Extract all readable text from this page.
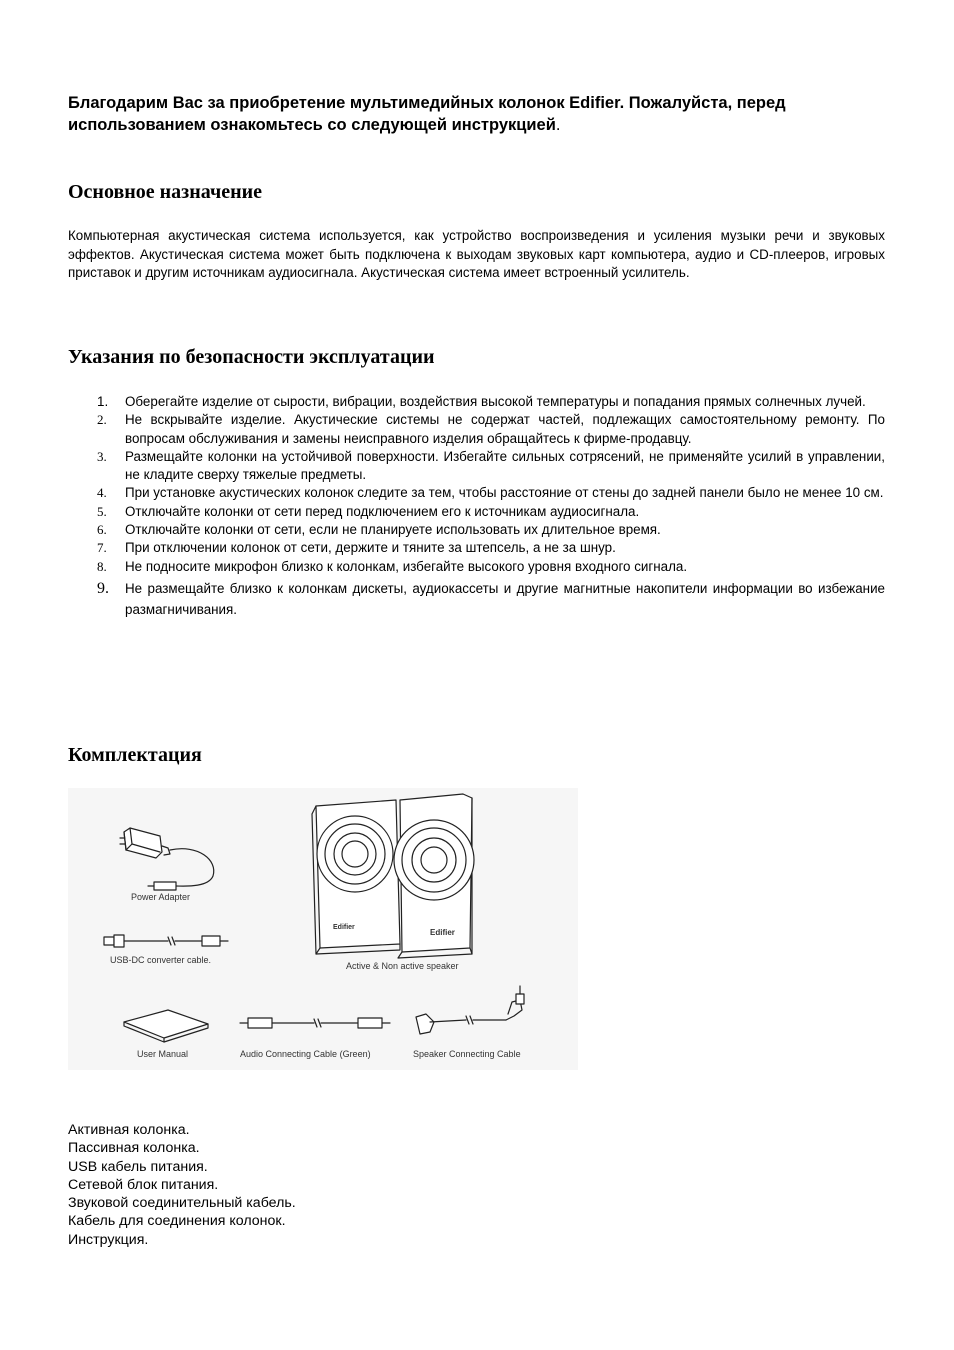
Благодарим Вас за приобретение мультимедийных колонок Edifier. Пожалуйста, перед использованием ознакомьтесь со следующей инструкцией.

Основное назначение

Компьютерная акустическая система используется, как устройство воспроизведения и усиления музыки речи и звуковых эффектов. Акустическая система может быть подключена к выходам звуковых карт компьютера, аудио и CD-плееров, игровых приставок и другим источникам аудиосигнала. Акустическая система имеет встроенный усилитель.

Указания по безопасности эксплуатации
1. Оберегайте изделие от сырости, вибрации, воздействия высокой температуры и попадания прямых солнечных лучей.
2. Не вскрывайте изделие. Акустические системы не содержат частей, подлежащих самостоятельному ремонту. По вопросам обслуживания и замены неисправного изделия обращайтесь к фирме-продавцу.
3. Размещайте колонки на устойчивой поверхности. Избегайте сильных сотрясений, не применяйте усилий в управлении, не кладите сверху тяжелые предметы.
4. При установке акустических колонок следите за тем, чтобы расстояние от стены до задней панели было не менее 10 см.
5. Отключайте колонки от сети перед подключением его к источникам аудиосигнала.
6. Отключайте колонки от сети, если не планируете использовать их длительное время.
7. При отключении колонок от сети, держите и тяните за штепсель, а не за шнур.
8. Не подносите микрофон близко к колонкам, избегайте высокого уровня входного сигнала.
9. Не размещайте близко к колонкам дискеты, аудиокассеты и другие магнитные накопители информации во избежание размагничивания.
Комплектация
Edifier
Edifier
Power Adapter
USB-DC converter cable.
Active & Non active speaker
User Manual	Audio Connecting Cable (Green)	Speaker Connecting Cable
Активная колонка.
Пассивная колонка.
USB кабель питания.
Сетевой блок питания.
Звуковой соединительный кабель.
Кабель для соединения колонок.
Инструкция.
